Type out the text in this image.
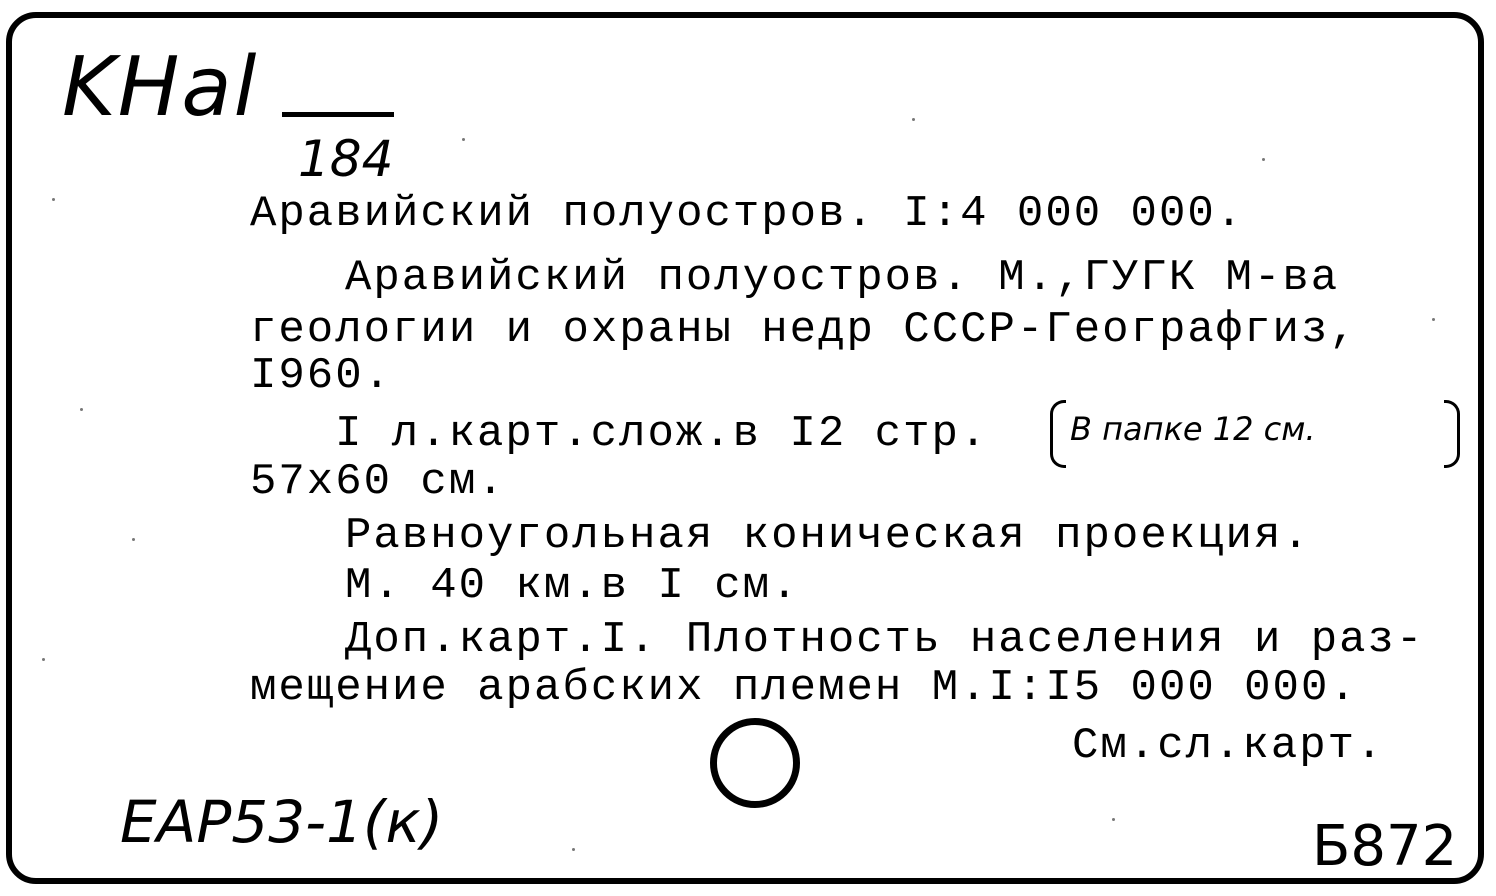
KHal
184
Аравийский полуостров. I:4 000 000.
Аравийский полуостров. М.,ГУГК М-ва
геологии и охраны недр СССР-Географгиз,
I960.
I л.карт.слож.в I2 стр.	В папке 12 см.
57х60 см.
Равноугольная коническая проекция.
М. 40 км.в I см.
Доп.карт.I. Плотность населения и раз-
мещение арабских племен М.I:I5 000 000.
См.сл.карт.
EAP53-1(к)	Б872
